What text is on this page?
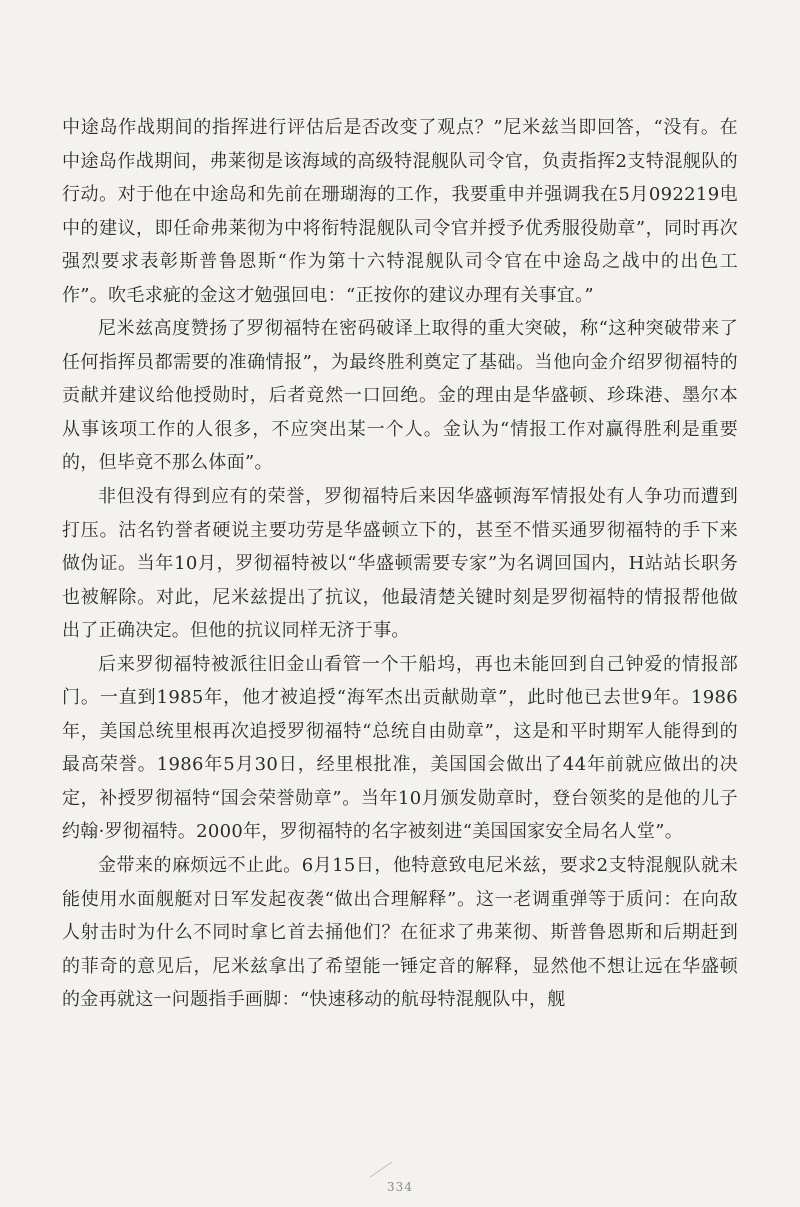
中途岛作战期间的指挥进行评估后是否改变了观点？”尼米兹当即回答，“没有。在中途岛作战期间，弗莱彻是该海域的高级特混舰队司令官，负责指挥2支特混舰队的行动。对于他在中途岛和先前在珊瑚海的工作，我要重申并强调我在5月092219电中的建议，即任命弗莱彻为中将衔特混舰队司令官并授予优秀服役勋章”，同时再次强烈要求表彰斯普鲁恩斯“作为第十六特混舰队司令官在中途岛之战中的出色工作”。吹毛求疵的金这才勉强回电：“正按你的建议办理有关事宜。”

尼米兹高度赞扬了罗彻福特在密码破译上取得的重大突破，称“这种突破带来了任何指挥员都需要的准确情报”，为最终胜利奠定了基础。当他向金介绍罗彻福特的贡献并建议给他授勋时，后者竟然一口回绝。金的理由是华盛顿、珍珠港、墨尔本从事该项工作的人很多，不应突出某一个人。金认为“情报工作对赢得胜利是重要的，但毕竟不那么体面”。

非但没有得到应有的荣誉，罗彻福特后来因华盛顿海军情报处有人争功而遭到打压。沽名钓誉者硬说主要功劳是华盛顿立下的，甚至不惜买通罗彻福特的手下来做伪证。当年10月，罗彻福特被以“华盛顿需要专家”为名调回国内，H站站长职务也被解除。对此，尼米兹提出了抗议，他最清楚关键时刻是罗彻福特的情报帮他做出了正确决定。但他的抗议同样无济于事。

后来罗彻福特被派往旧金山看管一个干船坞，再也未能回到自己钟爱的情报部门。一直到1985年，他才被追授“海军杰出贡献勋章”，此时他已去世9年。1986年，美国总统里根再次追授罗彻福特“总统自由勋章”，这是和平时期军人能得到的最高荣誉。1986年5月30日，经里根批准，美国国会做出了44年前就应做出的决定，补授罗彻福特“国会荣誉勋章”。当年10月颁发勋章时，登台领奖的是他的儿子约翰·罗彻福特。2000年，罗彻福特的名字被刻进“美国国家安全局名人堂”。

金带来的麻烦远不止此。6月15日，他特意致电尼米兹，要求2支特混舰队就未能使用水面舰艇对日军发起夜袭“做出合理解释”。这一老调重弹等于质问：在向敌人射击时为什么不同时拿匕首去捅他们？在征求了弗莱彻、斯普鲁恩斯和后期赶到的菲奇的意见后，尼米兹拿出了希望能一锤定音的解释，显然他不想让远在华盛顿的金再就这一问题指手画脚：“快速移动的航母特混舰队中，舰

334
